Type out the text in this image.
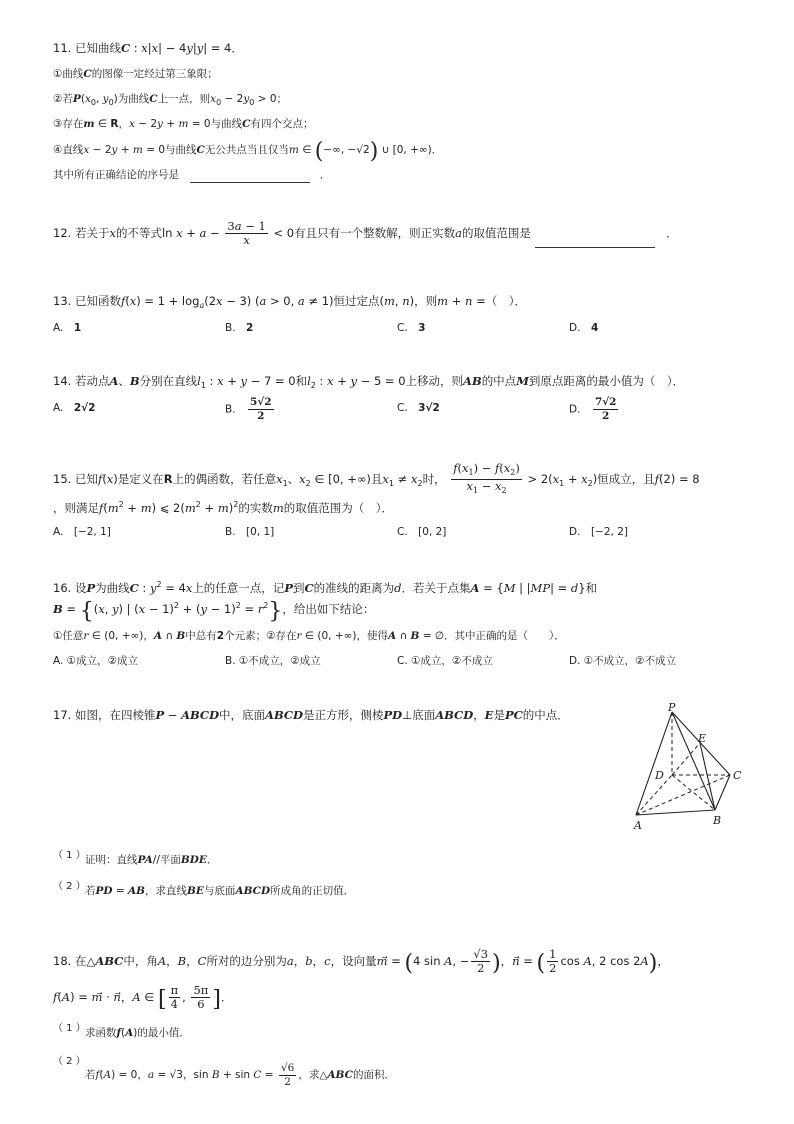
11. 已知曲线C : x|x| − 4y|y| = 4．
①曲线C的图像一定经过第三象限；
②若$P(x_0$, $y_0$)为曲线C上一点，则$x_0 - 2y_0 > 0$；
③存在m ∈ R，x − 2y + m = 0与曲线C有四个交点；
④直线x − 2y + m = 0与曲线C无公共点当且仅当m ∈ (−∞, −√2) ∪ [0, +∞)．
其中所有正确结论的序号是　	　．
12. 若关于x的不等式$\ln x + a - \frac{3a - 1}{x} < 0$有且只有一个整数解，则正实数a的取值范围是	　．
13. 已知函数$f(x) = 1 + \log_a(2x - 3) (a > 0$, a ≠ 1)恒过定点(m, n)，则m + n =（　）．
A.　 1	B.　 2	C.　 3	D.　 4
14. 若动点A、B分别在直线$l_1$ : x + y − 7 = 0和$l_2$ : x + y − 5 = 0上移动，则AB的中点M到原点距离的最小值为（　）．
A.　 2√2	B.　 $\frac{5√2}{2}$	C.　 3√2	D.　 $\frac{7√2}{2}$
15. 已知f(x)是定义在R上的偶函数，若任意$x_1$、$x_2$ ∈ [0, +∞)且$x_1 \ne x_2$时， $\frac{f(x_1) - f(x_2)}{x_1 - x_2} > 2(x_1 + x_2)$恒成立，且f(2) = 8
，则满足$f(m^2 + m)$ ⩽ $2(m^2 + m)^2$的实数m的取值范围为（　）．
A.　 [−2, 1]	B.　 [0, 1]	C.　 [0, 2]	D.　 [−2, 2]
16. 设P为曲线C : $y^2 = 4x$上的任意一点，记P到C的准线的距离为d．若关于点集A = {M | |MP| = d}和
B = {(x, y) | $(x - 1)^2 + (y - 1)^2 = r^2$}，给出如下结论：
①任意r ∈ (0, +∞)，A ∩ B中总有2个元素；②存在r ∈ (0, +∞)，使得A ∩ B = ∅．其中正确的是（　　）．
A. ①成立，②成立	B. ①不成立，②成立	C. ①成立，②不成立	D. ①不成立，②不成立
17. 如图，在四棱锥P − ABCD中，底面ABCD是正方形，侧棱PD⊥底面ABCD，E是PC的中点．
P
E
D	C
A	B
（ 1 ） 证明：直线PA//平面BDE．
（ 2 ） 若PD = AB，求直线BE与底面ABCD所成角的正切值．
18. 在△ABC中，角A，B，C所对的边分别为a，b，c，设向量m⃗ = (4 sin A, − $\frac{√3}{2}$ )，n⃗ = ( $\frac{1}{2}$ cos A, 2 cos 2A)，
f(A) = m⃗ · n⃗，A ∈ [ $\frac{\pi}{4}$ , $\frac{5\pi}{6}$ ]．
（ 1 ） 求函数f(A)的最小值．
（ 2 ）
若f(A) = 0，a = √3，$\sin B + \sin C = \frac{√6}{2}$ ，求△ABC的面积．
